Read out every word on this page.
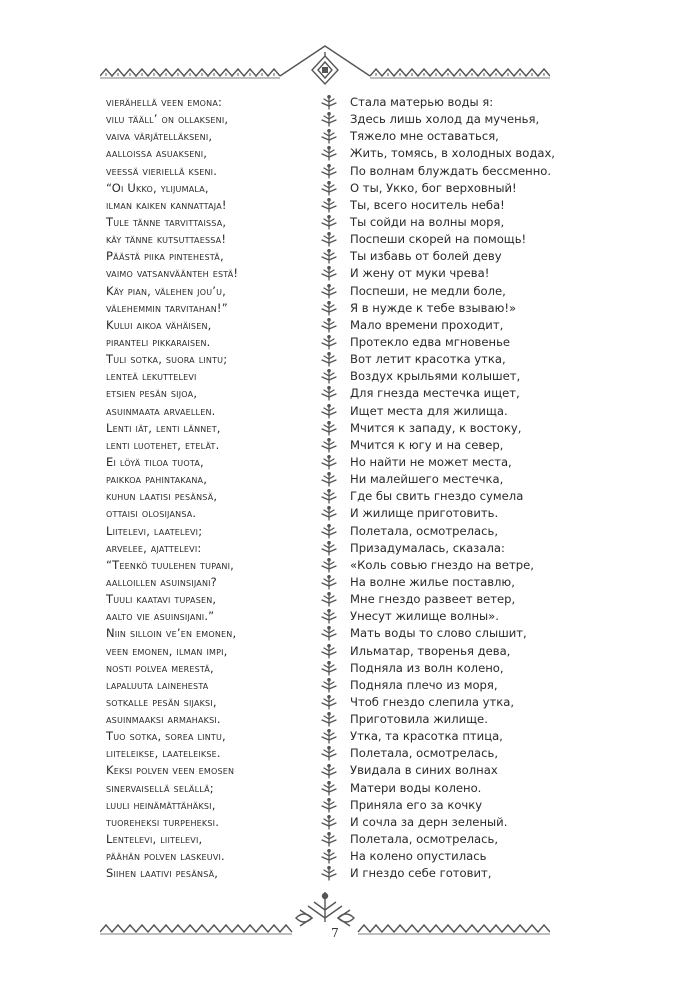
vierähellä veen emona:
vilu täällʼ on ollakseni,
vaiva värjätelläkseni,
aalloissa asuakseni,
veessä vieriellä kseni.
“Oi Ukko, ylijumala,
ilman kaiken kannattaja!
Tule tänne tarvittaissa,
käy tänne kutsuttaessa!
Päästä piika pintehestä,
vaimo vatsanväänteh estä!
Käy pian, välehen jou’u,
välehemmin tarvitahan!”
Kului aikoa vähäisen,
piranteli pikkaraisen.
Tuli sotka, suora lintu;
lenteä lekuttelevi
etsien pesän sijoa,
asuinmaata arvaellen.
Lenti iät, lenti lännet,
lenti luotehet, etelät.
Ei löyä tiloa tuota,
paikkoa pahintakana,
kuhun laatisi pesänsä,
ottaisi olosijansa.
Liitelevi, laatelevi;
arvelee, ajattelevi:
“Teenkö tuulehen tupani,
aalloillen asuinsijani?
Tuuli kaatavi tupasen,
aalto vie asuinsijani.”
Niin silloin ve’en emonen,
veen emonen, ilman impi,
nosti polvea merestä,
lapaluuta lainehesta
sotkalle pesän sijaksi,
asuinmaaksi armahaksi.
Tuo sotka, sorea lintu,
liiteleikse, laateleikse.
Keksi polven veen emosen
sinervaisellä selällä;
luuli heinämättähäksi,
tuoreheksi turpeheksi.
Lentelevi, liitelevi,
päähän polven laskeuvi.
Siihen laativi pesänsä,
Стала матерью воды я:
Здесь лишь холод да мученья,
Тяжело мне оставаться,
Жить, томясь, в холодных водах,
По волнам блуждать бессменно.
О ты, Укко, бог верховный!
Ты, всего носитель неба!
Ты сойди на волны моря,
Поспеши скорей на помощь!
Ты избавь от болей деву
И жену от муки чрева!
Поспеши, не медли боле,
Я в нужде к тебе взываю!»
Мало времени проходит,
Протекло едва мгновенье
Вот летит красотка утка,
Воздух крыльями колышет,
Для гнезда местечка ищет,
Ищет места для жилища.
Мчится к западу, к востоку,
Мчится к югу и на север,
Но найти не может места,
Ни малейшего местечка,
Где бы свить гнездо сумела
И жилище приготовить.
Полетала, осмотрелась,
Призадумалась, сказала:
«Коль совью гнездо на ветре,
На волне жилье поставлю,
Мне гнездо развеет ветер,
Унесут жилище волны».
Мать воды то слово слышит,
Ильматар, творенья дева,
Подняла из волн колено,
Подняла плечо из моря,
Чтоб гнездо слепила утка,
Приготовила жилище.
Утка, та красотка птица,
Полетала, осмотрелась,
Увидала в синих волнах
Матери воды колено.
Приняла его за кочку
И сочла за дерн зеленый.
Полетала, осмотрелась,
На колено опустилась
И гнездо себе готовит,
7
